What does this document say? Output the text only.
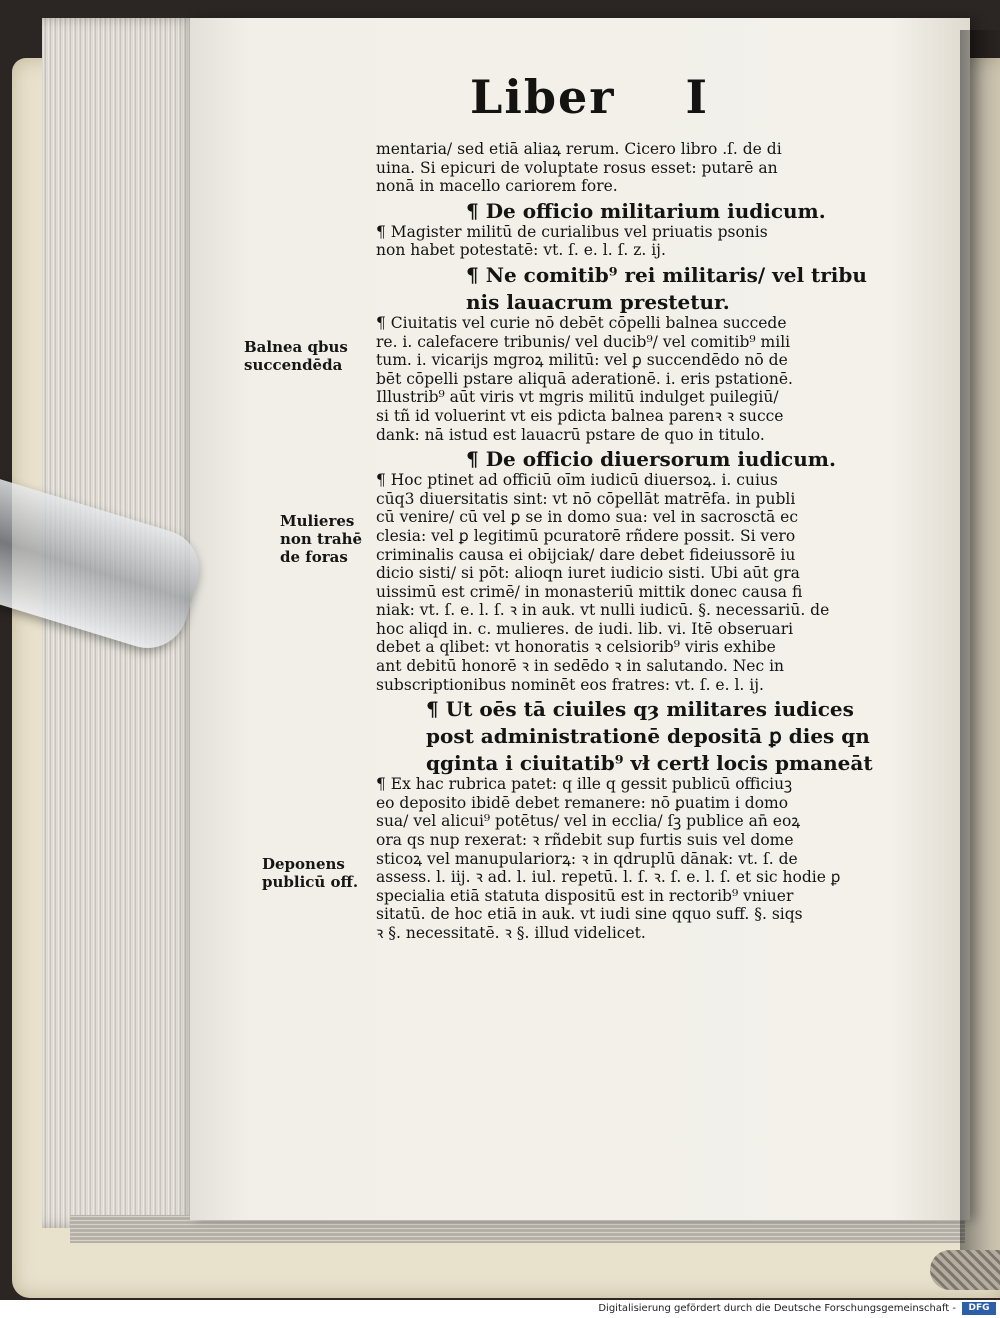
Liber I
Balnea qbus succendēda
Mulieres non trahē de foras
Deponens publicū off.
mentaria/ sed etiā aliaꝝ rerum. Cicero libro .ſ. de di
uina. Si epicuri de voluptate rosus esset: putarē an
nonā in macello cariorem fore.
¶ De officio militarium iudicum.
¶ Magister militū de curialibus vel priuatis psonis
non habet potestatē: vt. ſ. e. l. ſ. z. ij.
¶ Ne comitib⁹ rei militaris/ vel tribu
nis lauacrum prestetur.
¶ Ciuitatis vel curie nō debēt cōpelli balnea succede
re. i. calefacere tribunis/ vel ducib⁹/ vel comitib⁹ mili
tum. i. vicarijs mgroꝝ militū: vel ꝑ succendēdo nō de
bēt cōpelli pstare aliquā aderationē. i. eris pstationē.
Illustrib⁹ aūt viris vt mgris militū indulget puilegiū/
si tñ id voluerint vt eis pdicta balnea parenꝛ ꝛ succe
dank: nā istud est lauacrū pstare de quo in titulo.
¶ De officio diuersorum iudicum.
¶ Hoc ptinet ad officiū oīm iudicū diuersoꝝ. i. cuius
cūq3 diuersitatis sint: vt nō cōpellāt matrēfa. in publi
cū venire/ cū vel ꝑ se in domo sua: vel in sacrosctā ec
clesia: vel ꝑ legitimū pcuratorē rñdere possit. Si vero
criminalis causa ei obijciak/ dare debet fideiussorē iu
dicio sisti/ si pōt: alioqn iuret iudicio sisti. Ubi aūt gra
uissimū est crimē/ in monasteriū mittik donec causa fi
niak: vt. ſ. e. l. ſ. ꝛ in auk. vt nulli iudicū. §. necessariū. de
hoc aliqd in. c. mulieres. de iudi. lib. vi. Itē obseruari
debet a qlibet: vt honoratis ꝛ celsiorib⁹ viris exhibe
ant debitū honorē ꝛ in sedēdo ꝛ in salutando. Nec in
subscriptionibus nominēt eos fratres: vt. ſ. e. l. ij.
¶ Ut oēs tā ciuiles qȝ militares iudices
post administrationē depositā ꝑ dies qn
qginta i ciuitatib⁹ vł certł locis pmaneāt
¶ Ex hac rubrica patet: q ille q gessit publicū officiuꝫ
eo deposito ibidē debet remanere: nō ꝑuatim i domo
sua/ vel alicui⁹ potētus/ vel in ecclia/ ſꝫ publice an̄ eoꝝ
ora qs nup rexerat: ꝛ rñdebit sup furtis suis vel dome
sticoꝝ vel manupulariorꝝ: ꝛ in qdruplū dānak: vt. ſ. de
assess. l. iij. ꝛ ad. l. iul. repetū. l. ſ. ꝛ. ſ. e. l. ſ. et sic hodie ꝑ
specialia etiā statuta dispositū est in rectorib⁹ vniuer
sitatū. de hoc etiā in auk. vt iudi sine qquo suff. §. siqs
ꝛ §. necessitatē. ꝛ §. illud videlicet.
Digitalisierung gefördert durch die Deutsche Forschungsgemeinschaft -	DFG
